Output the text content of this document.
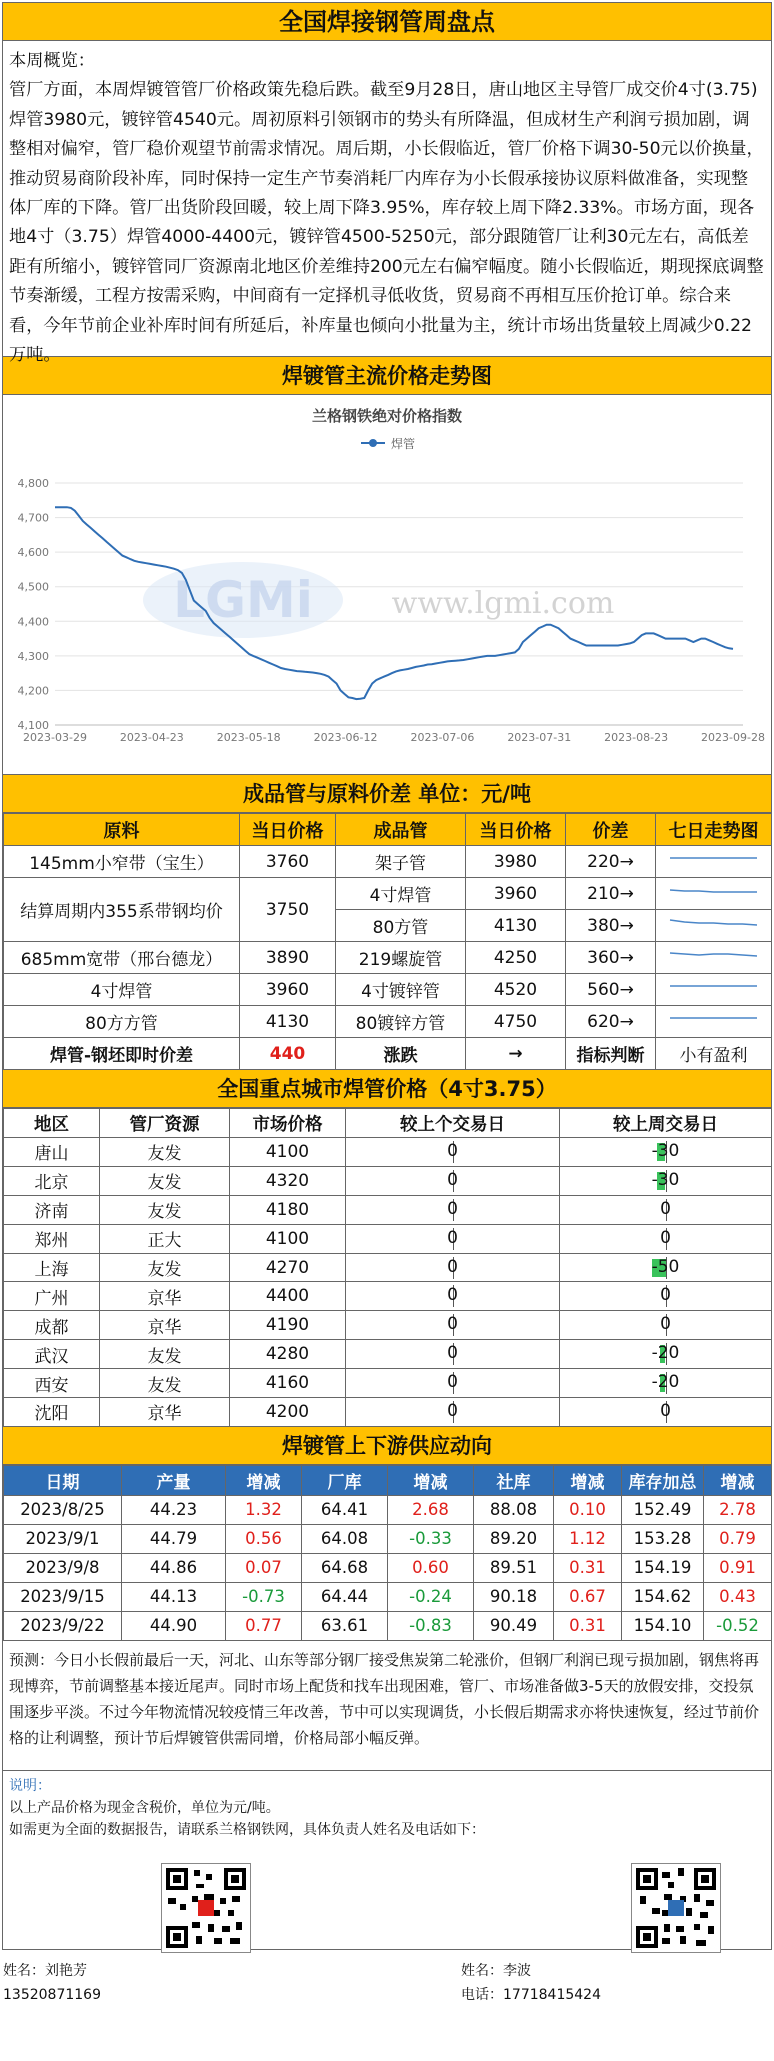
全国焊接钢管周盘点
本周概览：
管厂方面，本周焊镀管管厂价格政策先稳后跌。截至9月28日，唐山地区主导管厂成交价4寸(3.75)焊管3980元，镀锌管4540元。周初原料引领钢市的势头有所降温，但成材生产利润亏损加剧，调整相对偏窄，管厂稳价观望节前需求情况。周后期，小长假临近，管厂价格下调30-50元以价换量，推动贸易商阶段补库，同时保持一定生产节奏消耗厂内库存为小长假承接协议原料做准备，实现整体厂库的下降。管厂出货阶段回暖，较上周下降3.95%，库存较上周下降2.33%。市场方面，现各地4寸（3.75）焊管4000-4400元，镀锌管4500-5250元，部分跟随管厂让利30元左右，高低差距有所缩小，镀锌管同厂资源南北地区价差维持200元左右偏窄幅度。随小长假临近，期现探底调整节奏渐缓，工程方按需采购，中间商有一定择机寻低收货，贸易商不再相互压价抢订单。综合来看，今年节前企业补库时间有所延后，补库量也倾向小批量为主，统计市场出货量较上周减少0.22万吨。
焊镀管主流价格走势图
兰格钢铁绝对价格指数
焊管
4,100
4,200
4,300
4,400
4,500
4,600
4,700
4,800
LGMi	www.lgmi.com
2023-03-29	2023-04-23	2023-05-18	2023-06-12	2023-07-06	2023-07-31	2023-08-23	2023-09-28
成品管与原料价差 单位：元/吨
原料	当日价格	成品管	当日价格	价差	七日走势图
145mm小窄带（宝生）	3760	架子管	3980	220→	
结算周期内355系带钢均价	3750	4寸焊管	3960	210→	
		80方管	4130	380→	
685mm宽带（邢台德龙）	3890	219螺旋管	4250	360→	
4寸焊管	3960	4寸镀锌管	4520	560→	
80方方管	4130	80镀锌方管	4750	620→	
焊管-钢坯即时价差	440	涨跌	→	指标判断	小有盈利
全国重点城市焊管价格（4寸3.75）
地区	管厂资源	市场价格	较上个交易日	较上周交易日
唐山	友发	4100	0	-30
北京	友发	4320	0	-30
济南	友发	4180	0	0
郑州	正大	4100	0	0
上海	友发	4270	0	-50
广州	京华	4400	0	0
成都	京华	4190	0	0
武汉	友发	4280	0	-20
西安	友发	4160	0	-20
沈阳	京华	4200	0	0
焊镀管上下游供应动向
日期	产量	增减	厂库	增减	社库	增减	库存加总	增减
2023/8/25	44.23	1.32	64.41	2.68	88.08	0.10	152.49	2.78
2023/9/1	44.79	0.56	64.08	-0.33	89.20	1.12	153.28	0.79
2023/9/8	44.86	0.07	64.68	0.60	89.51	0.31	154.19	0.91
2023/9/15	44.13	-0.73	64.44	-0.24	90.18	0.67	154.62	0.43
2023/9/22	44.90	0.77	63.61	-0.83	90.49	0.31	154.10	-0.52
预测：今日小长假前最后一天，河北、山东等部分钢厂接受焦炭第二轮涨价，但钢厂利润已现亏损加剧，钢焦将再现博弈，节前调整基本接近尾声。同时市场上配货和找车出现困难，管厂、市场准备做3-5天的放假安排，交投氛围逐步平淡。不过今年物流情况较疫情三年改善，节中可以实现调货，小长假后期需求亦将快速恢复，经过节前价格的让利调整，预计节后焊镀管供需同增，价格局部小幅反弹。
说明：
以上产品价格为现金含税价，单位为元/吨。
如需更为全面的数据报告，请联系兰格钢铁网，具体负责人姓名及电话如下：
姓名：刘艳芳
13520871169
姓名：李波
电话：17718415424
